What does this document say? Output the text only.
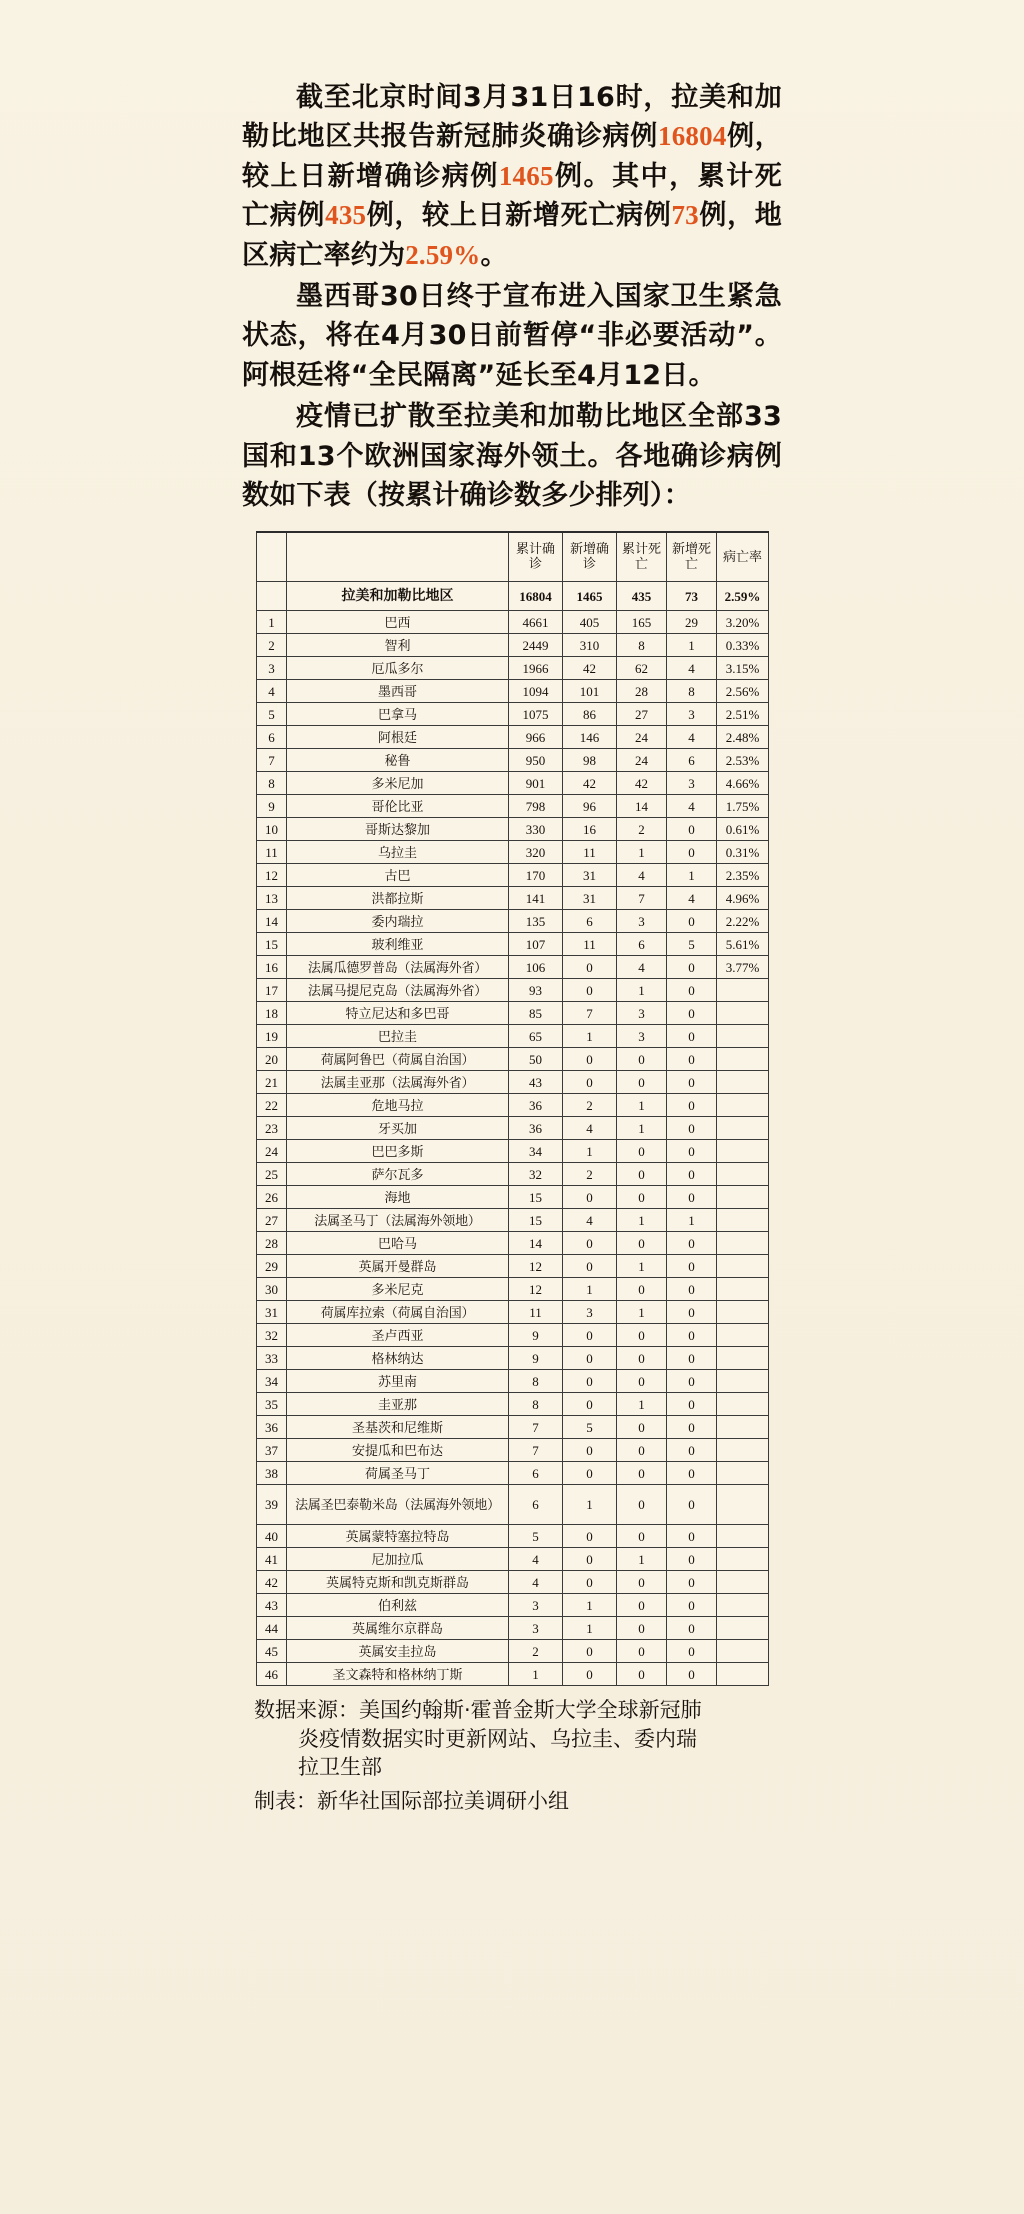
截至北京时间3月31日16时，拉美和加勒比地区共报告新冠肺炎确诊病例16804例，较上日新增确诊病例1465例。其中，累计死亡病例435例，较上日新增死亡病例73例，地区病亡率约为2.59%。

墨西哥30日终于宣布进入国家卫生紧急状态，将在4月30日前暂停“非必要活动”。阿根廷将“全民隔离”延长至4月12日。

疫情已扩散至拉美和加勒比地区全部33国和13个欧洲国家海外领土。各地确诊病例数如下表（按累计确诊数多少排列）：

		累计确诊	新增确诊	累计死亡	新增死亡	病亡率
	拉美和加勒比地区	16804	1465	435	73	2.59%
1	巴西	4661	405	165	29	3.20%
2	智利	2449	310	8	1	0.33%
3	厄瓜多尔	1966	42	62	4	3.15%
4	墨西哥	1094	101	28	8	2.56%
5	巴拿马	1075	86	27	3	2.51%
6	阿根廷	966	146	24	4	2.48%
7	秘鲁	950	98	24	6	2.53%
8	多米尼加	901	42	42	3	4.66%
9	哥伦比亚	798	96	14	4	1.75%
10	哥斯达黎加	330	16	2	0	0.61%
11	乌拉圭	320	11	1	0	0.31%
12	古巴	170	31	4	1	2.35%
13	洪都拉斯	141	31	7	4	4.96%
14	委内瑞拉	135	6	3	0	2.22%
15	玻利维亚	107	11	6	5	5.61%
16	法属瓜德罗普岛（法属海外省）	106	0	4	0	3.77%
17	法属马提尼克岛（法属海外省）	93	0	1	0	
18	特立尼达和多巴哥	85	7	3	0	
19	巴拉圭	65	1	3	0	
20	荷属阿鲁巴（荷属自治国）	50	0	0	0	
21	法属圭亚那（法属海外省）	43	0	0	0	
22	危地马拉	36	2	1	0	
23	牙买加	36	4	1	0	
24	巴巴多斯	34	1	0	0	
25	萨尔瓦多	32	2	0	0	
26	海地	15	0	0	0	
27	法属圣马丁（法属海外领地）	15	4	1	1	
28	巴哈马	14	0	0	0	
29	英属开曼群岛	12	0	1	0	
30	多米尼克	12	1	0	0	
31	荷属库拉索（荷属自治国）	11	3	1	0	
32	圣卢西亚	9	0	0	0	
33	格林纳达	9	0	0	0	
34	苏里南	8	0	0	0	
35	圭亚那	8	0	1	0	
36	圣基茨和尼维斯	7	5	0	0	
37	安提瓜和巴布达	7	0	0	0	
38	荷属圣马丁	6	0	0	0	
39	法属圣巴泰勒米岛（法属海外领地）	6	1	0	0	
40	英属蒙特塞拉特岛	5	0	0	0	
41	尼加拉瓜	4	0	1	0	
42	英属特克斯和凯克斯群岛	4	0	0	0	
43	伯利兹	3	1	0	0	
44	英属维尔京群岛	3	1	0	0	
45	英属安圭拉岛	2	0	0	0	
46	圣文森特和格林纳丁斯	1	0	0	0	
数据来源：美国约翰斯·霍普金斯大学全球新冠肺
炎疫情数据实时更新网站、乌拉圭、委内瑞
拉卫生部
制表：新华社国际部拉美调研小组
